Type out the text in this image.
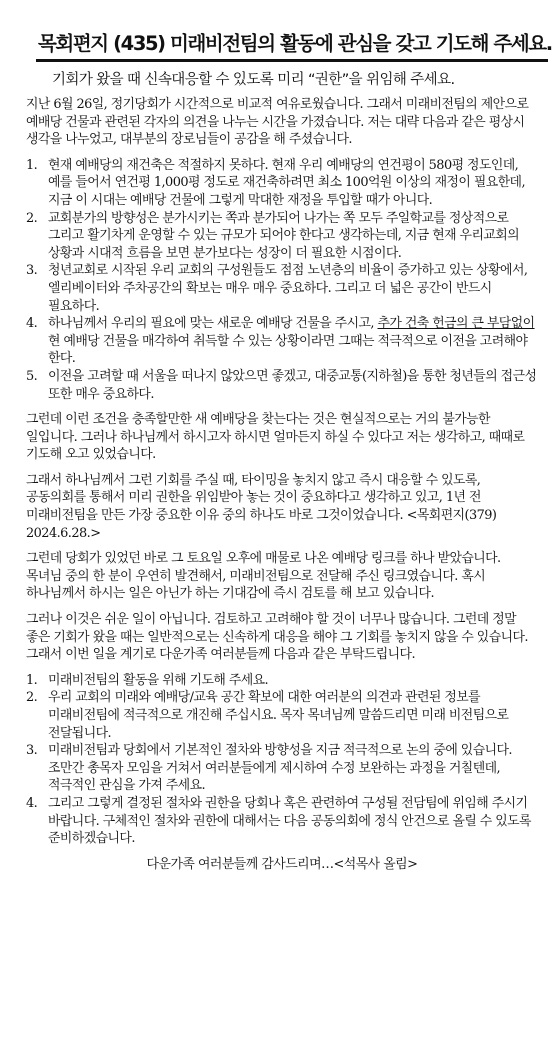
목회편지 (435) 미래비전팀의 활동에 관심을 갖고 기도해 주세요.
기회가 왔을 때 신속대응할 수 있도록 미리 “권한”을 위임해 주세요.

지난 6월 26일, 정기당회가 시간적으로 비교적 여유로웠습니다. 그래서 미래비전팀의 제안으로 예배당 건물과 관련된 각자의 의견을 나누는 시간을 가졌습니다. 저는 대략 다음과 같은 평상시 생각을 나누었고, 대부분의 장로님들이 공감을 해 주셨습니다.

1. 현재 예배당의 재건축은 적절하지 못하다. 현재 우리 예배당의 연건평이 580평 정도인데, 예를 들어서 연건평 1,000평 정도로 재건축하려면 최소 100억원 이상의 재정이 필요한데, 지금 이 시대는 예배당 건물에 그렇게 막대한 재정을 투입할 때가 아니다.
2. 교회분가의 방향성은 분가시키는 쪽과 분가되어 나가는 쪽 모두 주일학교를 정상적으로 그리고 활기차게 운영할 수 있는 규모가 되어야 한다고 생각하는데, 지금 현재 우리교회의 상황과 시대적 흐름을 보면 분가보다는 성장이 더 필요한 시점이다.
3. 청년교회로 시작된 우리 교회의 구성원들도 점점 노년층의 비율이 증가하고 있는 상황에서, 엘리베이터와 주차공간의 확보는 매우 매우 중요하다. 그리고 더 넓은 공간이 반드시 필요하다.
4. 하나님께서 우리의 필요에 맞는 새로운 예배당 건물을 주시고, 추가 건축 헌금의 큰 부담없이 현 예배당 건물을 매각하여 취득할 수 있는 상황이라면 그때는 적극적으로 이전을 고려해야 한다.
5. 이전을 고려할 때 서울을 떠나지 않았으면 좋겠고, 대중교통(지하철)을 통한 청년들의 접근성 또한 매우 중요하다.

그런데 이런 조건을 충족할만한 새 예배당을 찾는다는 것은 현실적으로는 거의 불가능한 일입니다. 그러나 하나님께서 하시고자 하시면 얼마든지 하실 수 있다고 저는 생각하고, 때때로 기도해 오고 있었습니다.

그래서 하나님께서 그런 기회를 주실 때, 타이밍을 놓치지 않고 즉시 대응할 수 있도록, 공동의회를 통해서 미리 권한을 위임받아 놓는 것이 중요하다고 생각하고 있고, 1년 전 미래비전팀을 만든 가장 중요한 이유 중의 하나도 바로 그것이었습니다. <목회편지(379) 2024.6.28.>

그런데 당회가 있었던 바로 그 토요일 오후에 매물로 나온 예배당 링크를 하나 받았습니다. 목녀님 중의 한 분이 우연히 발견해서, 미래비전팀으로 전달해 주신 링크였습니다. 혹시 하나님께서 하시는 일은 아닌가 하는 기대감에 즉시 검토를 해 보고 있습니다.

그러나 이것은 쉬운 일이 아닙니다. 검토하고 고려해야 할 것이 너무나 많습니다. 그런데 정말 좋은 기회가 왔을 때는 일반적으로는 신속하게 대응을 해야 그 기회를 놓치지 않을 수 있습니다. 그래서 이번 일을 계기로 다운가족 여러분들께 다음과 같은 부탁드립니다.

1. 미래비전팀의 활동을 위해 기도해 주세요.
2. 우리 교회의 미래와 예배당/교육 공간 확보에 대한 여러분의 의견과 관련된 정보를 미래비전팀에 적극적으로 개진해 주십시요. 목자 목녀님께 말씀드리면 미래 비전팀으로 전달됩니다.
3. 미래비전팀과 당회에서 기본적인 절차와 방향성을 지금 적극적으로 논의 중에 있습니다. 조만간 총목자 모임을 거쳐서 여러분들에게 제시하여 수정 보완하는 과정을 거칠텐데, 적극적인 관심을 가져 주세요.
4. 그리고 그렇게 결정된 절차와 권한을 당회나 혹은 관련하여 구성될 전담팀에 위임해 주시기 바랍니다. 구체적인 절차와 권한에 대해서는 다음 공동의회에 정식 안건으로 올릴 수 있도록 준비하겠습니다.
다운가족 여러분들께 감사드리며…<석목사 올림>
